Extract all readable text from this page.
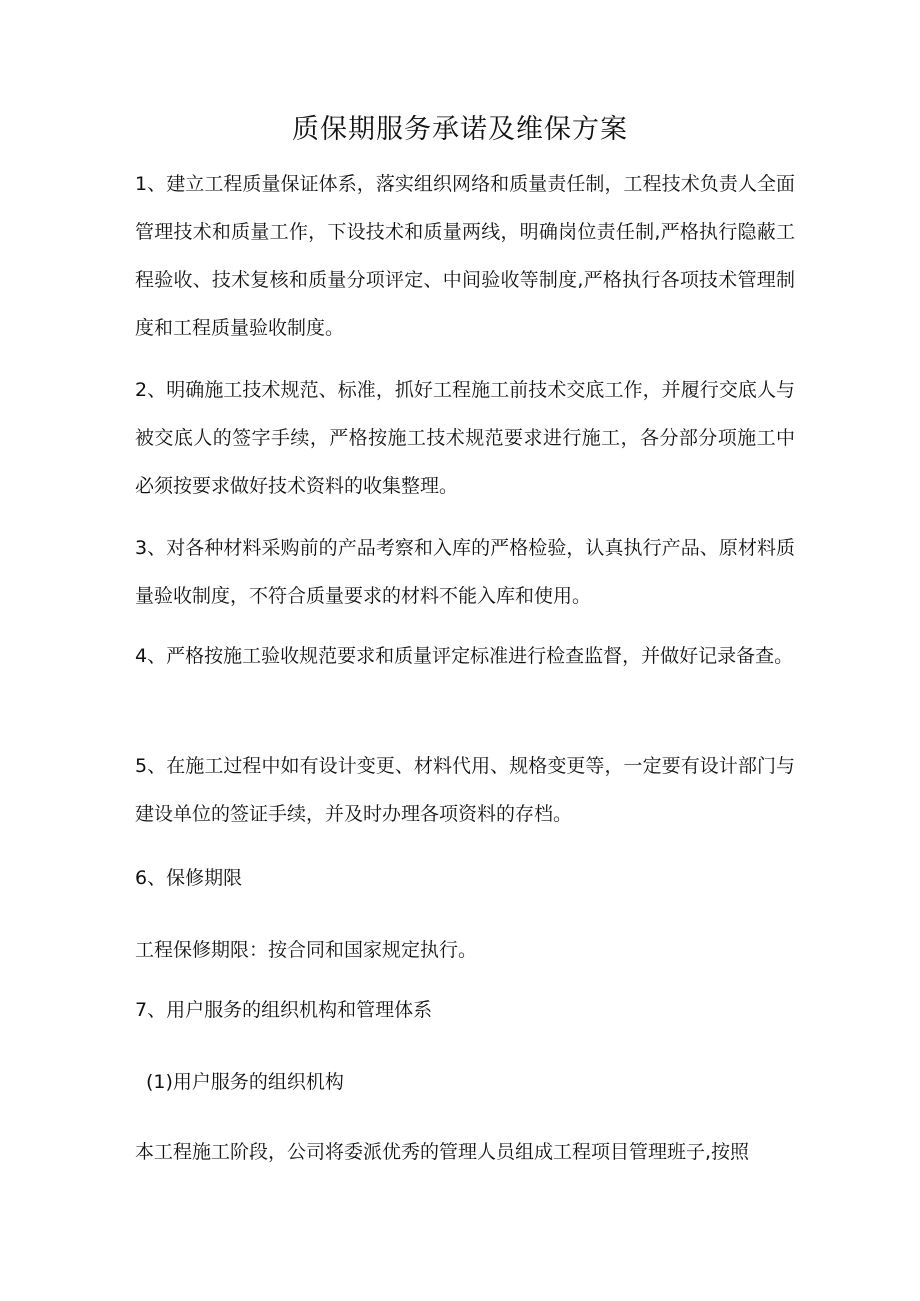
质保期服务承诺及维保方案

1、建立工程质量保证体系，落实组织网络和质量责任制，工程技术负责人全面管理技术和质量工作，下设技术和质量两线，明确岗位责任制,严格执行隐蔽工程验收、技术复核和质量分项评定、中间验收等制度,严格执行各项技术管理制度和工程质量验收制度。

2、明确施工技术规范、标准，抓好工程施工前技术交底工作，并履行交底人与被交底人的签字手续，严格按施工技术规范要求进行施工，各分部分项施工中必须按要求做好技术资料的收集整理。

3、对各种材料采购前的产品考察和入库的严格检验，认真执行产品、原材料质量验收制度，不符合质量要求的材料不能入库和使用。

4、严格按施工验收规范要求和质量评定标准进行检查监督，并做好记录备查。

5、在施工过程中如有设计变更、材料代用、规格变更等，一定要有设计部门与建设单位的签证手续，并及时办理各项资料的存档。

6、保修期限

工程保修期限：按合同和国家规定执行。

7、用户服务的组织机构和管理体系

(1)用户服务的组织机构

本工程施工阶段，公司将委派优秀的管理人员组成工程项目管理班子,按照
